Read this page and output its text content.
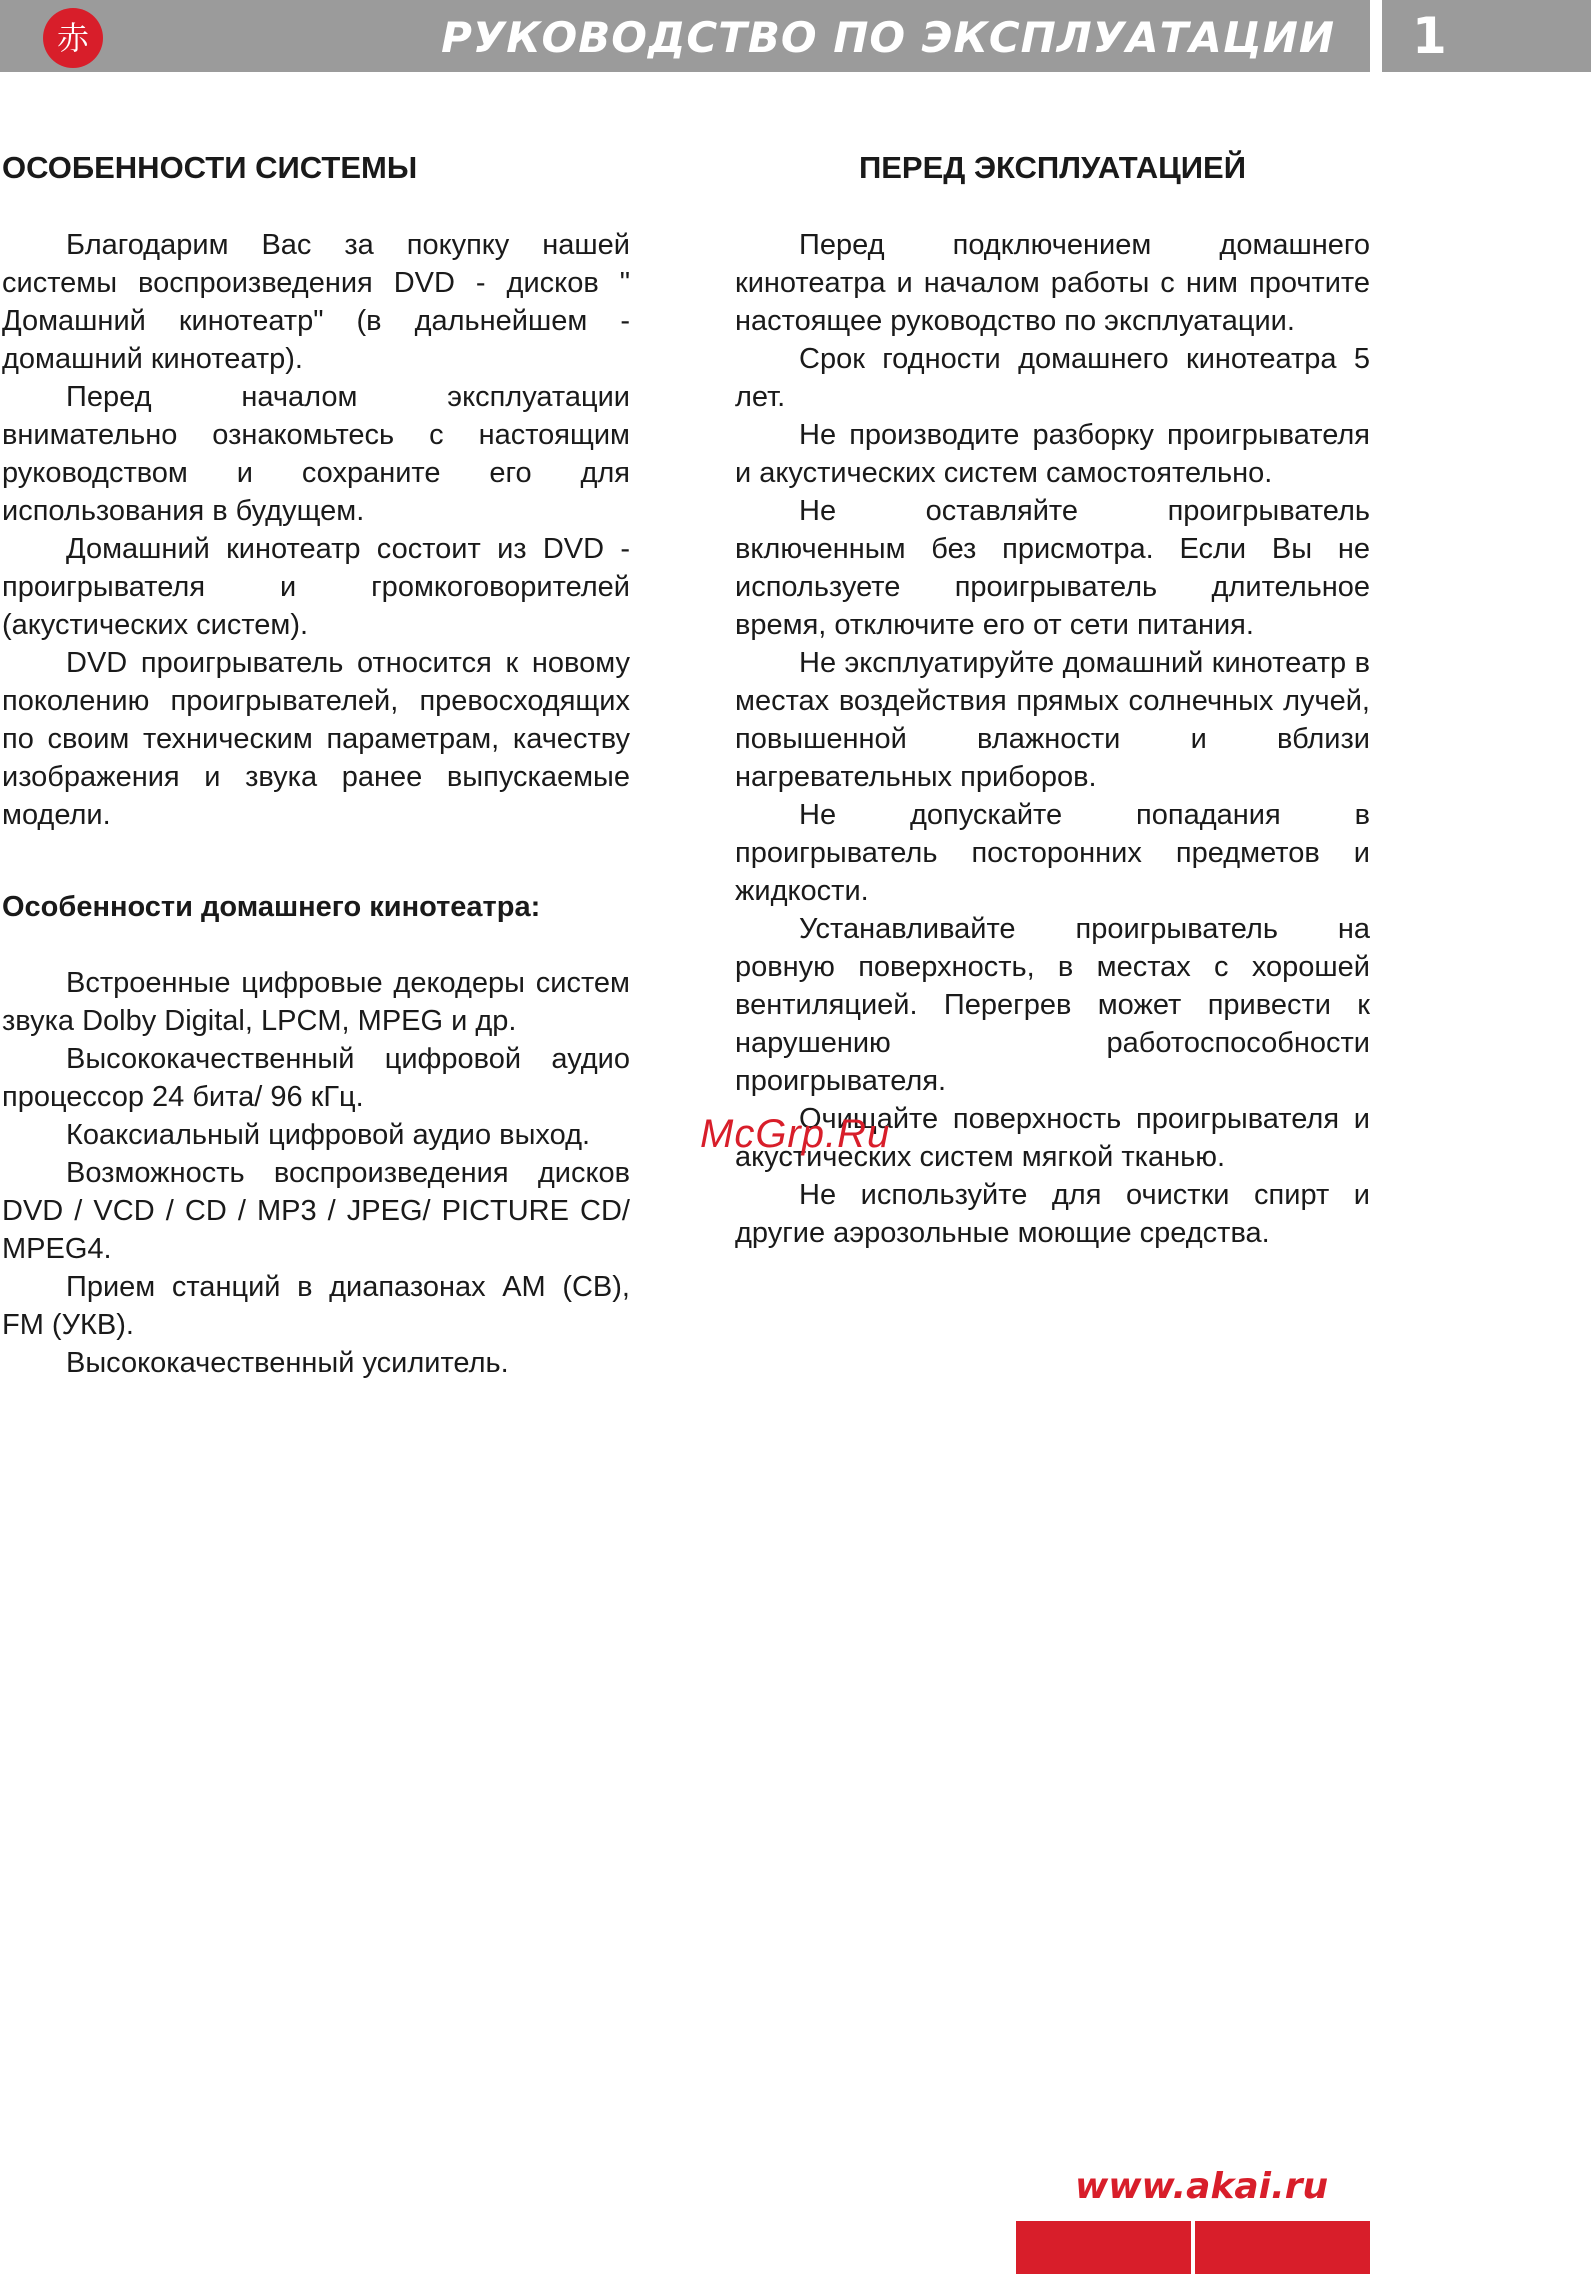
赤	РУКОВОДСТВО ПО ЭКСПЛУАТАЦИИ	1
ОСОБЕННОСТИ СИСТЕМЫ

Благодарим Вас за покупку нашей системы воспроизведения DVD - дисков " Домашний кинотеатр" (в дальнейшем - домашний кинотеатр).

Перед началом эксплуатации внимательно ознакомьтесь с настоящим руководством и сохраните его для использования в будущем.

Домашний кинотеатр состоит из DVD - проигрывателя и громкоговорителей (акустических систем).

DVD проигрыватель относится к новому поколению проигрывателей, превосходящих по своим техническим параметрам, качеству изображения и звука ранее выпускаемые модели.

Особенности домашнего кинотеатра:

Встроенные цифровые декодеры систем звука Dolby Digital, LPCM, MPEG и др.

Высококачественный цифровой аудио процессор 24 бита/ 96 кГц.

Коаксиальный цифровой аудио выход.

Возможность воспроизведения дисков DVD / VCD / CD / MP3 / JPEG/ PICTURE CD/ MPEG4.

Прием станций в диапазонах AM (CB), FM (УКВ).

Высококачественный усилитель.

ПЕРЕД ЭКСПЛУАТАЦИЕЙ

Перед подключением домашнего кинотеатра и началом работы с ним прочтите настоящее руководство по эксплуатации.

Срок годности домашнего кинотеатра 5 лет.

Не производите разборку проигрывателя и акустических систем самостоятельно.

Не оставляйте проигрыватель включенным без присмотра. Если Вы не используете проигрыватель длительное время, отключите его от сети питания.

Не эксплуатируйте домашний кинотеатр в местах воздействия прямых солнечных лучей, повышенной влажности и вблизи нагревательных приборов.

Не допускайте попадания в проигрыватель посторонних предметов и жидкости.

Устанавливайте проигрыватель на ровную поверхность, в местах с хорошей вентиляцией. Перегрев может привести к нарушению работоспособности проигрывателя.

Очищайте поверхность проигрывателя и акустических систем мягкой тканью.

Не используйте для очистки спирт и другие аэрозольные моющие средства.

McGrp.Ru
www.akai.ru
